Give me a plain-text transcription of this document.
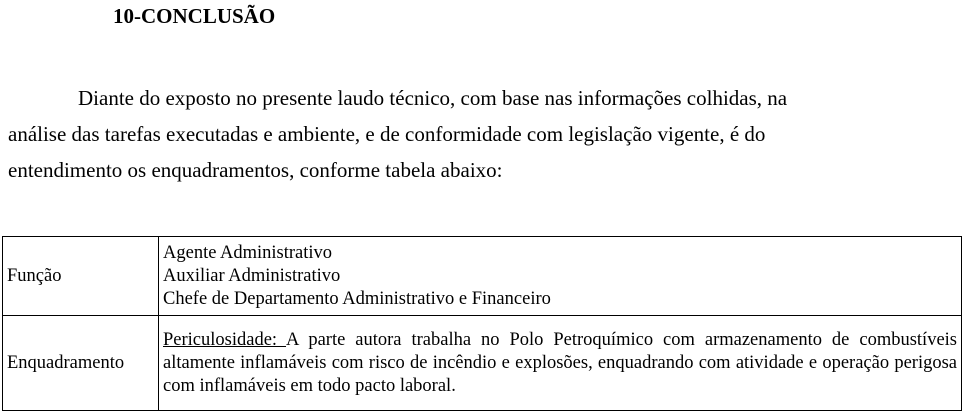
10-CONCLUSÃO
Diante do exposto no presente laudo técnico, com base nas informações colhidas, na
análise das tarefas executadas e ambiente, e de conformidade com legislação vigente, é do
entendimento os enquadramentos, conforme tabela abaixo:
Função	Agente Administrativo
Auxiliar Administrativo
Chefe de Departamento Administrativo e Financeiro

Enquadramento	Periculosidade: A parte autora trabalha no Polo Petroquímico com armazenamento de combustíveis altamente inflamáveis com risco de incêndio e explosões, enquadrando com atividade e operação perigosa com inflamáveis em todo pacto laboral.
